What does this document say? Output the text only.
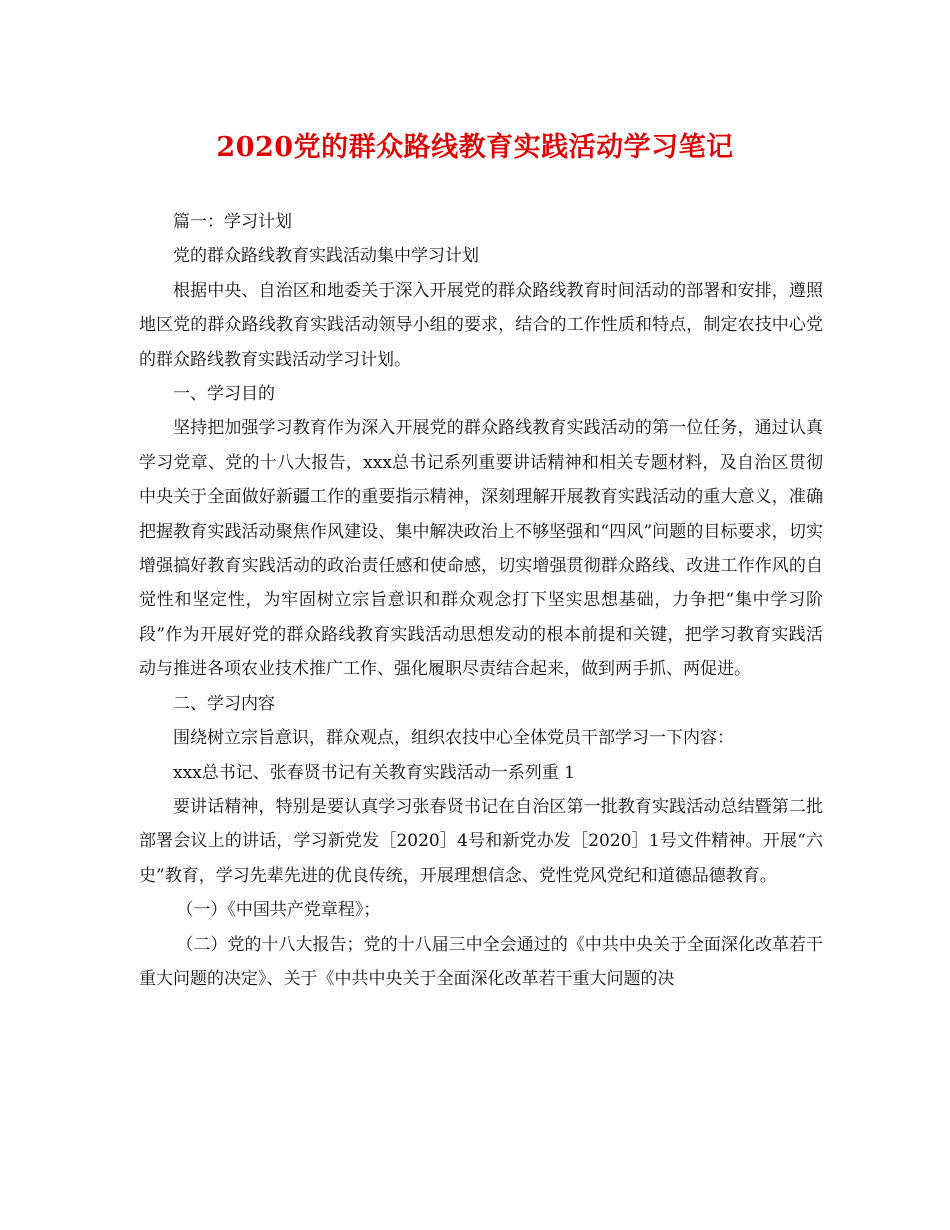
2020党的群众路线教育实践活动学习笔记

篇一：学习计划

党的群众路线教育实践活动集中学习计划

根据中央、自治区和地委关于深入开展党的群众路线教育时间活动的部署和安排，遵照地区党的群众路线教育实践活动领导小组的要求，结合的工作性质和特点，制定农技中心党的群众路线教育实践活动学习计划。

一、学习目的

坚持把加强学习教育作为深入开展党的群众路线教育实践活动的第一位任务，通过认真学习党章、党的十八大报告，xxx总书记系列重要讲话精神和相关专题材料，及自治区贯彻中央关于全面做好新疆工作的重要指示精神，深刻理解开展教育实践活动的重大意义，准确把握教育实践活动聚焦作风建设、集中解决政治上不够坚强和“四风”问题的目标要求，切实增强搞好教育实践活动的政治责任感和使命感，切实增强贯彻群众路线、改进工作作风的自觉性和坚定性，为牢固树立宗旨意识和群众观念打下坚实思想基础，力争把“集中学习阶段”作为开展好党的群众路线教育实践活动思想发动的根本前提和关键，把学习教育实践活动与推进各项农业技术推广工作、强化履职尽责结合起来，做到两手抓、两促进。

二、学习内容

围绕树立宗旨意识，群众观点，组织农技中心全体党员干部学习一下内容：

xxx总书记、张春贤书记有关教育实践活动一系列重 1

要讲话精神，特别是要认真学习张春贤书记在自治区第一批教育实践活动总结暨第二批部署会议上的讲话，学习新党发［2020］4号和新党办发［2020］1号文件精神。开展“六史”教育，学习先辈先进的优良传统，开展理想信念、党性党风党纪和道德品德教育。

（一）《中国共产党章程》；

（二）党的十八大报告；党的十八届三中全会通过的《中共中央关于全面深化改革若干重大问题的决定》、关于《中共中央关于全面深化改革若干重大问题的决
